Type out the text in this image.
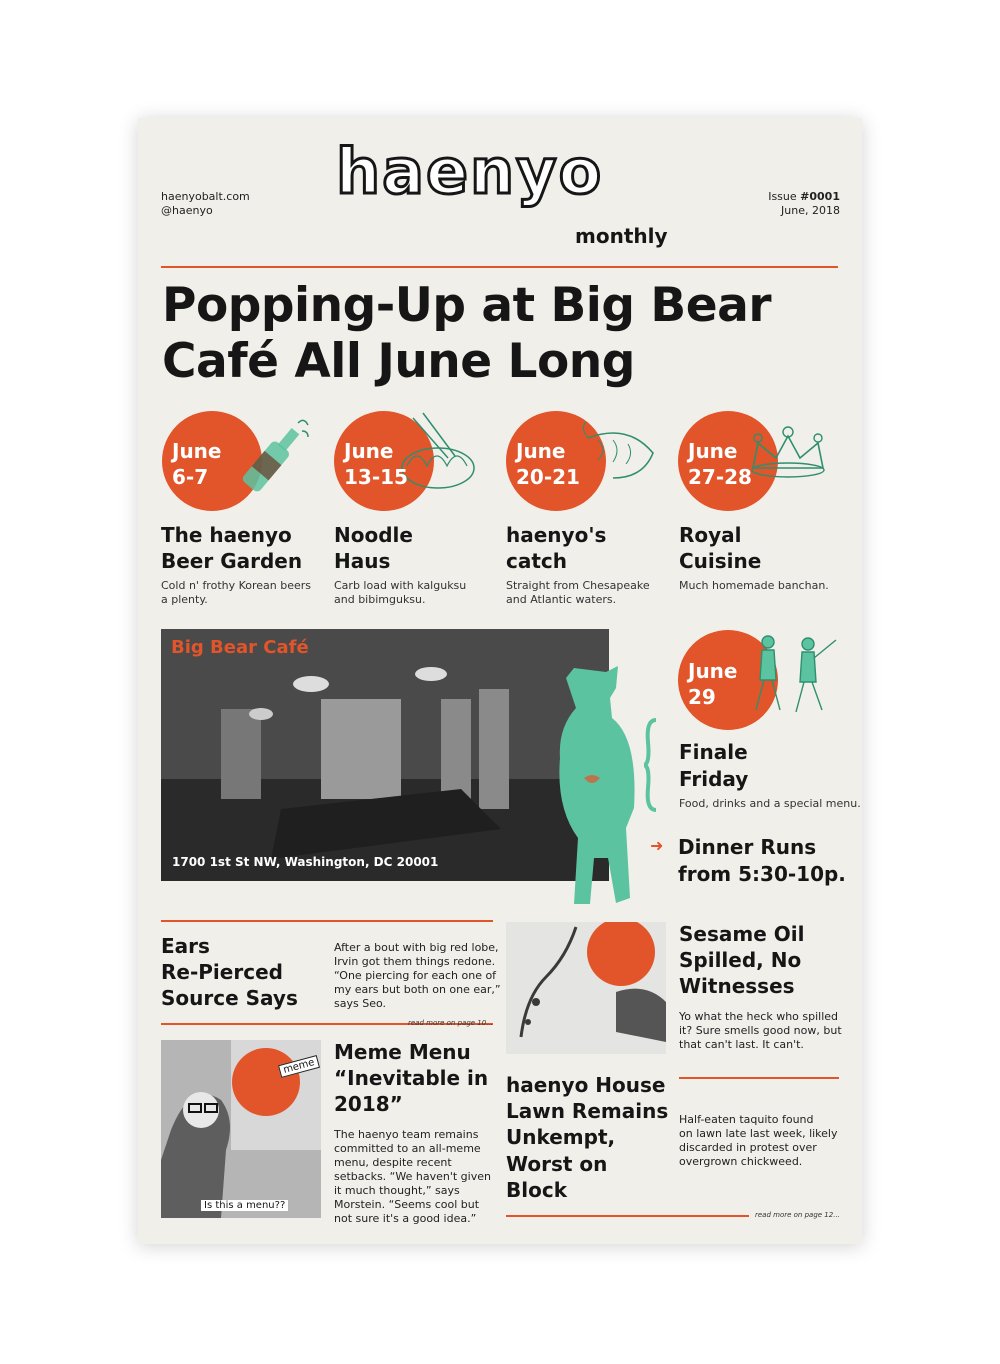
haenyobalt.com
@haenyo
haenyo
monthly
Issue #0001
June, 2018
Popping-Up at Big Bear Café All June Long
June
6-7
The haenyo
Beer Garden
Cold n' frothy Korean beers
a plenty.
June
13-15
Noodle
Haus
Carb load with kalguksu
and bibimguksu.
June
20-21
haenyo's
catch
Straight from Chesapeake
and Atlantic waters.
June
27-28
Royal
Cuisine
Much homemade banchan.
Big Bear Café
1700 1st St NW, Washington, DC 20001
June
29
Finale
Friday
Food, drinks and a special menu.
➜ Dinner Runs
from 5:30-10p.
Ears
Re-Pierced
Source Says
After a bout with big red lobe,
Irvin got them things redone.
“One piercing for each one of
my ears but both on one ear,”
says Seo.
read more on page 10...
meme
Is this a menu??
Meme Menu
“Inevitable in
2018”
The haenyo team remains
committed to an all-meme
menu, despite recent
setbacks. “We haven't given
it much thought,” says
Morstein. “Seems cool but
not sure it's a good idea.”
Sesame Oil
Spilled, No
Witnesses
Yo what the heck who spilled
it? Sure smells good now, but
that can't last. It can't.
haenyo House
Lawn Remains
Unkempt,
Worst on
Block
Half-eaten taquito found
on lawn late last week, likely
discarded in protest over
overgrown chickweed.
read more on page 12...
